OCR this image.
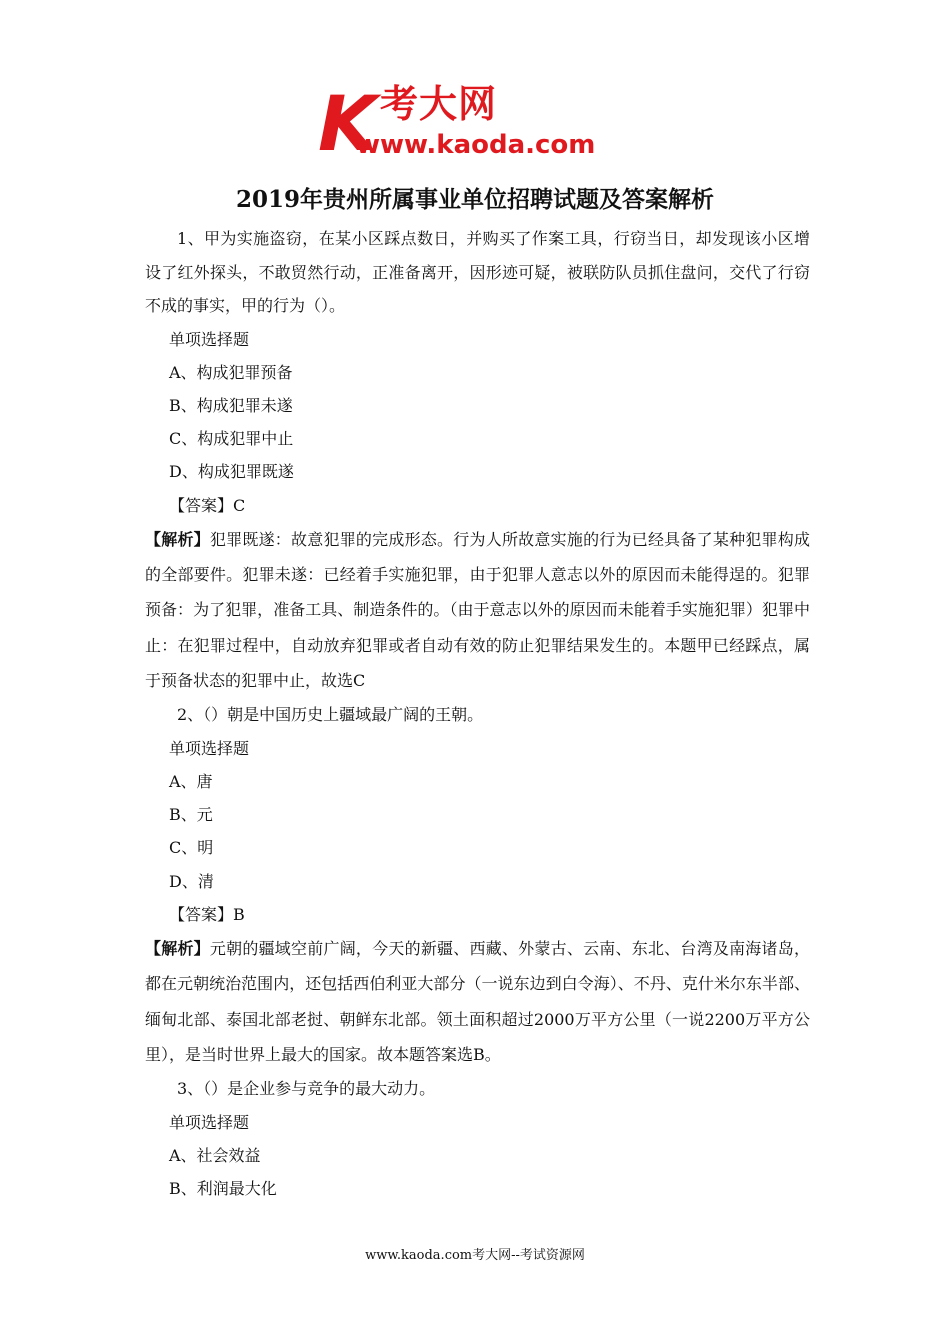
K 考大网
www.kaoda.com
2019年贵州所属事业单位招聘试题及答案解析

1、甲为实施盗窃，在某小区踩点数日，并购买了作案工具，行窃当日，却发现该小区增设了红外探头，不敢贸然行动，正准备离开，因形迹可疑，被联防队员抓住盘问，交代了行窃不成的事实，甲的行为（）。

单项选择题

A、构成犯罪预备

B、构成犯罪未遂

C、构成犯罪中止

D、构成犯罪既遂

【答案】C

【解析】犯罪既遂：故意犯罪的完成形态。行为人所故意实施的行为已经具备了某种犯罪构成的全部要件。犯罪未遂：已经着手实施犯罪，由于犯罪人意志以外的原因而未能得逞的。犯罪预备：为了犯罪，准备工具、制造条件的。（由于意志以外的原因而未能着手实施犯罪）犯罪中止：在犯罪过程中，自动放弃犯罪或者自动有效的防止犯罪结果发生的。本题甲已经踩点，属于预备状态的犯罪中止，故选C

2、（）朝是中国历史上疆域最广阔的王朝。

单项选择题

A、唐

B、元

C、明

D、清

【答案】B

【解析】元朝的疆域空前广阔，今天的新疆、西藏、外蒙古、云南、东北、台湾及南海诸岛，都在元朝统治范围内，还包括西伯利亚大部分（一说东边到白令海）、不丹、克什米尔东半部、缅甸北部、泰国北部老挝、朝鲜东北部。领土面积超过2000万平方公里（一说2200万平方公里），是当时世界上最大的国家。故本题答案选B。

3、（）是企业参与竞争的最大动力。

单项选择题

A、社会效益

B、利润最大化

www.kaoda.com考大网--考试资源网
